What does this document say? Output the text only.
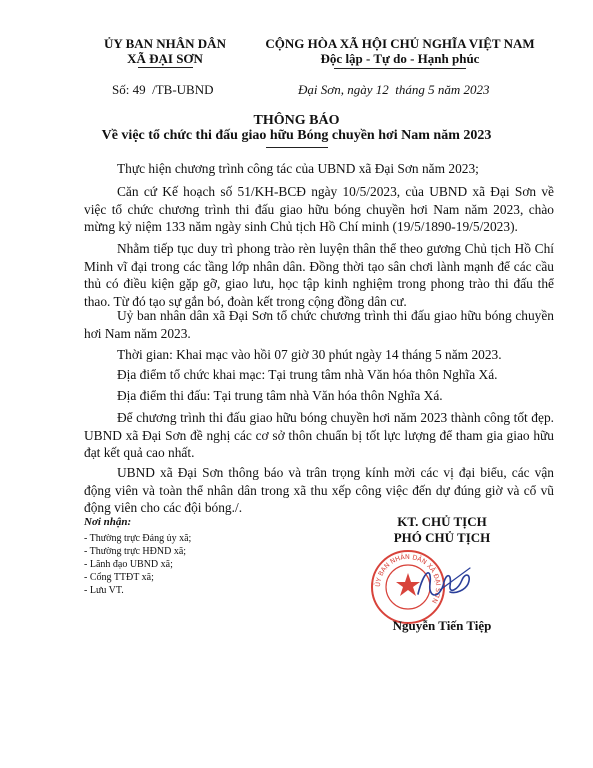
ỦY BAN NHÂN DÂN
XÃ ĐẠI SƠN
CỘNG HÒA XÃ HỘI CHỦ NGHĨA VIỆT NAM
Độc lập - Tự do - Hạnh phúc
Số: 49  /TB-UBND	Đại Sơn, ngày 12  tháng 5 năm 2023
THÔNG BÁO
Về việc tổ chức thi đấu giao hữu Bóng chuyền hơi Nam năm 2023

Thực hiện chương trình công tác của UBND xã Đại Sơn năm 2023;

Căn cứ Kế hoạch số 51/KH-BCĐ ngày 10/5/2023, của UBND xã Đại Sơn về việc tổ chức chương trình thi đấu giao hữu bóng chuyền hơi Nam năm 2023, chào mừng kỷ niệm 133 năm ngày sinh Chủ tịch Hồ Chí minh (19/5/1890-19/5/2023).

Nhằm tiếp tục duy trì phong trào rèn luyện thân thể theo gương Chủ tịch Hồ Chí Minh vĩ đại trong các tầng lớp nhân dân. Đồng thời tạo sân chơi lành mạnh để các cầu thủ có điều kiện gặp gỡ, giao lưu, học tập kinh nghiệm trong phong trào thi đấu thể thao. Từ đó tạo sự gắn bó, đoàn kết trong cộng đồng dân cư.

Uỷ ban nhân dân xã Đại Sơn tổ chức chương trình thi đấu giao hữu bóng chuyền hơi Nam năm 2023.

Thời gian: Khai mạc vào hồi 07 giờ 30 phút ngày 14 tháng 5 năm 2023.

Địa điểm tổ chức khai mạc: Tại trung tâm nhà Văn hóa thôn Nghĩa Xá.

Địa điểm thi đấu: Tại trung tâm nhà Văn hóa thôn Nghĩa Xá.

Để chương trình thi đấu giao hữu bóng chuyền hơi năm 2023 thành công tốt đẹp. UBND xã Đại Sơn đề nghị các cơ sở thôn chuẩn bị tốt lực lượng để tham gia giao hữu đạt kết quả cao nhất.

UBND xã Đại Sơn thông báo và trân trọng kính mời các vị đại biểu, các vận động viên và toàn thể nhân dân trong xã thu xếp công việc đến dự đúng giờ và cổ vũ động viên cho các đội bóng./.

Nơi nhận:
- Thường trực Đảng ủy xã;
- Thường trực HĐND xã;
- Lãnh đạo UBND xã;
- Cổng TTĐT xã;
- Lưu VT.
KT. CHỦ TỊCH
PHÓ CHỦ TỊCH
ỦY BAN NHÂN DÂN XÃ ĐẠI SƠN
Nguyễn Tiến Tiệp
